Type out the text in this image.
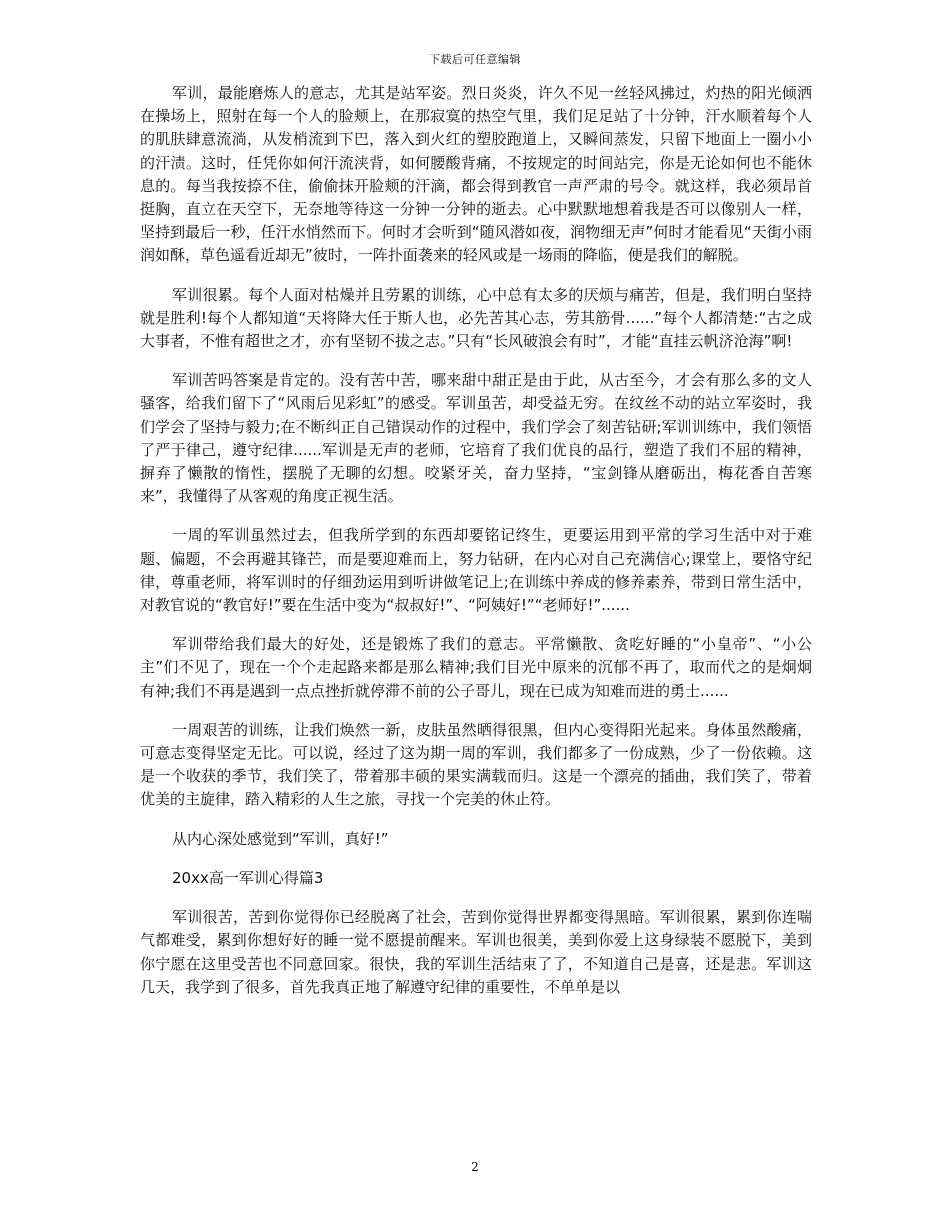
下载后可任意编辑

军训，最能磨炼人的意志，尤其是站军姿。烈日炎炎，许久不见一丝轻风拂过，灼热的阳光倾洒在操场上，照射在每一个人的脸颊上，在那寂寞的热空气里，我们足足站了十分钟，汗水顺着每个人的肌肤肆意流淌，从发梢流到下巴，落入到火红的塑胶跑道上，又瞬间蒸发，只留下地面上一圈小小的汗渍。这时，任凭你如何汗流浃背，如何腰酸背痛，不按规定的时间站完，你是无论如何也不能休息的。每当我按捺不住，偷偷抹开脸颊的汗滴，都会得到教官一声严肃的号令。就这样，我必须昂首挺胸，直立在天空下，无奈地等待这一分钟一分钟的逝去。心中默默地想着我是否可以像别人一样，坚持到最后一秒，任汗水悄然而下。何时才会听到“随风潜如夜，润物细无声”何时才能看见“天街小雨润如酥，草色遥看近却无”彼时，一阵扑面袭来的轻风或是一场雨的降临，便是我们的解脱。

军训很累。每个人面对枯燥并且劳累的训练，心中总有太多的厌烦与痛苦，但是，我们明白坚持就是胜利!每个人都知道“天将降大任于斯人也，必先苦其心志，劳其筋骨......”每个人都清楚:“古之成大事者，不惟有超世之才，亦有坚韧不拔之志。”只有“长风破浪会有时”，才能“直挂云帆济沧海”啊!

军训苦吗答案是肯定的。没有苦中苦，哪来甜中甜正是由于此，从古至今，才会有那么多的文人骚客，给我们留下了“风雨后见彩虹”的感受。军训虽苦，却受益无穷。在纹丝不动的站立军姿时，我们学会了坚持与毅力;在不断纠正自己错误动作的过程中，我们学会了刻苦钻研;军训训练中，我们领悟了严于律己，遵守纪律......军训是无声的老师，它培育了我们优良的品行，塑造了我们不屈的精神，摒弃了懒散的惰性，摆脱了无聊的幻想。咬紧牙关，奋力坚持，“宝剑锋从磨砺出，梅花香自苦寒来”，我懂得了从客观的角度正视生活。

一周的军训虽然过去，但我所学到的东西却要铭记终生，更要运用到平常的学习生活中对于难题、偏题，不会再避其锋芒，而是要迎难而上，努力钻研，在内心对自己充满信心;课堂上，要恪守纪律，尊重老师，将军训时的仔细劲运用到听讲做笔记上;在训练中养成的修养素养，带到日常生活中，对教官说的“教官好!”要在生活中变为“叔叔好!”、“阿姨好!”“老师好!”......

军训带给我们最大的好处，还是锻炼了我们的意志。平常懒散、贪吃好睡的“小皇帝”、“小公主”们不见了，现在一个个走起路来都是那么精神;我们目光中原来的沉郁不再了，取而代之的是炯炯有神;我们不再是遇到一点点挫折就停滞不前的公子哥儿，现在已成为知难而进的勇士......

一周艰苦的训练，让我们焕然一新，皮肤虽然晒得很黑，但内心变得阳光起来。身体虽然酸痛，可意志变得坚定无比。可以说，经过了这为期一周的军训，我们都多了一份成熟，少了一份依赖。这是一个收获的季节，我们笑了，带着那丰硕的果实满载而归。这是一个漂亮的插曲，我们笑了，带着优美的主旋律，踏入精彩的人生之旅，寻找一个完美的休止符。

从内心深处感觉到“军训，真好!”

20xx高一军训心得篇3

军训很苦，苦到你觉得你已经脱离了社会，苦到你觉得世界都变得黑暗。军训很累，累到你连喘气都难受，累到你想好好的睡一觉不愿提前醒来。军训也很美，美到你爱上这身绿装不愿脱下，美到你宁愿在这里受苦也不同意回家。很快，我的军训生活结束了了，不知道自己是喜，还是悲。军训这几天，我学到了很多，首先我真正地了解遵守纪律的重要性，不单单是以

2
